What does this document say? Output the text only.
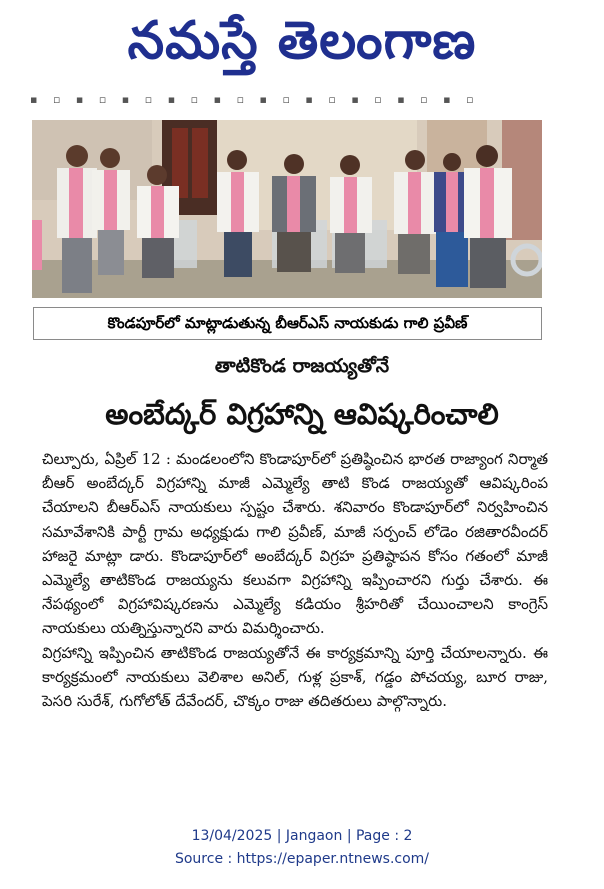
నమస్తే తెలంగాణ
▪ ▫ ▪ ▫ ▪ ▫ ▪ ▫ ▪ ▫ ▪ ▫ ▪ ▫ ▪ ▫ ▪ ▫ ▪ ▫
కొండపూర్‌లో మాట్లాడుతున్న బీఆర్‌ఎస్ నాయకుడు గాలి ప్రవీణ్
తాటికొండ రాజయ్యతోనే
అంబేద్కర్ విగ్రహాన్ని ఆవిష్కరించాలి

చిల్పూరు, ఏప్రిల్ 12 : మండలంలోని కొండాపూర్‌లో ప్రతిష్ఠించిన భారత రాజ్యాంగ నిర్మాత బీఆర్ అంబేద్కర్ విగ్రహాన్ని మాజీ ఎమ్మెల్యే తాటి కొండ రాజయ్యతో ఆవిష్కరింప చేయాలని బీఆర్‌ఎస్ నాయకులు స్పష్టం చేశారు. శనివారం కొండాపూర్‌లో నిర్వహించిన సమావేశానికి పార్టీ గ్రామ అధ్యక్షుడు గాలి ప్రవీణ్, మాజీ సర్పంచ్ లోడెం రజితారవీందర్ హాజరై మాట్లా డారు. కొండాపూర్‌లో అంబేద్కర్ విగ్రహ ప్రతిష్ఠాపన కోసం గతంలో మాజీ ఎమ్మెల్యే తాటికొండ రాజయ్యను కలువగా విగ్రహాన్ని ఇప్పించారని గుర్తు చేశారు. ఈ నేపథ్యంలో విగ్రహావిష్కరణను ఎమ్మెల్యే కడియం శ్రీహరితో చేయించాలని కాంగ్రెస్ నాయకులు యత్నిస్తున్నారని వారు విమర్శించారు.

విగ్రహాన్ని ఇప్పించిన తాటికొండ రాజయ్యతోనే ఈ కార్యక్రమాన్ని పూర్తి చేయాలన్నారు. ఈ కార్యక్రమంలో నాయకులు వెలిశాల అనిల్, గుళ్ల ప్రకాశ్, గడ్డం పోచయ్య, బూర రాజు, పెసరి సురేశ్, గుగోలోత్ దేవేందర్, చొక్కం రాజు తదితరులు పాల్గొన్నారు.

13/04/2025 | Jangaon | Page : 2
Source : https://epaper.ntnews.com/
